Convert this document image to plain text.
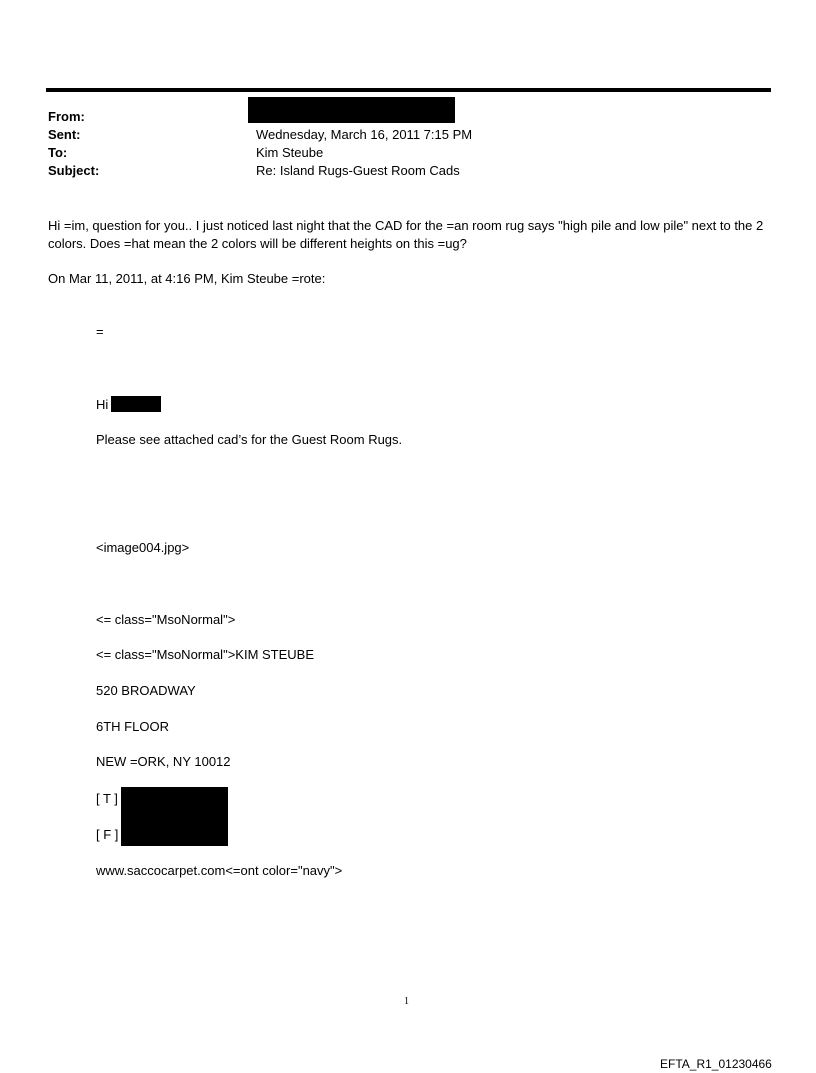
From:
Sent:	Wednesday, March 16, 2011 7:15 PM
To:	Kim Steube
Subject:	Re: Island Rugs-Guest Room Cads
Hi =im, question for you.. I just noticed last night that the CAD for the =an room rug says "high pile and low pile" next to the 2 colors. Does =hat mean the 2 colors will be different heights on this =ug?
On Mar 11, 2011, at 4:16 PM, Kim Steube =rote:
=
Hi
Please see attached cad’s for the Guest Room Rugs.
<image004.jpg>
<= class="MsoNormal">
<= class="MsoNormal">KIM STEUBE
520 BROADWAY
6TH FLOOR
NEW =ORK, NY 10012
[ T ]
[ F ]
www.saccocarpet.com<=ont color="navy">
1
EFTA_R1_01230466
